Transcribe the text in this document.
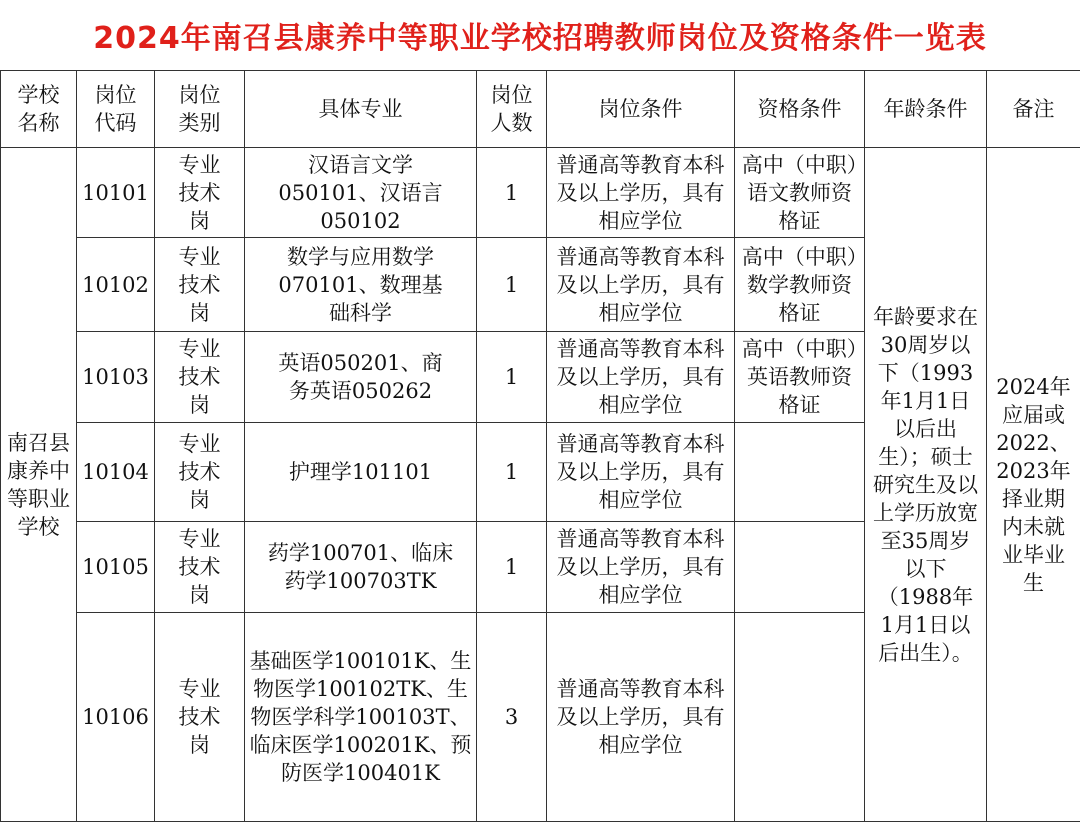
2024年南召县康养中等职业学校招聘教师岗位及资格条件一览表
学校名称	岗位代码	岗位类别	具体专业	岗位人数	岗位条件	资格条件	年龄条件	备注
南召县康养中等职业学校	10101	专业技术岗	汉语言文学050101、汉语言050102	1	普通高等教育本科及以上学历，具有相应学位	高中（中职）语文教师资格证	年龄要求在30周岁以下（1993年1月1日以后出生）；硕士研究生及以上学历放宽至35周岁以下（1988年1月1日以后出生）。	2024年应届或2022、2023年择业期内未就业毕业生
	10102	专业技术岗	数学与应用数学070101、数理基础科学	1	普通高等教育本科及以上学历，具有相应学位	高中（中职）数学教师资格证		
	10103	专业技术岗	英语050201、商务英语050262	1	普通高等教育本科及以上学历，具有相应学位	高中（中职）英语教师资格证		
	10104	专业技术岗	护理学101101	1	普通高等教育本科及以上学历，具有相应学位			
	10105	专业技术岗	药学100701、临床药学100703TK	1	普通高等教育本科及以上学历，具有相应学位			
	10106	专业技术岗	基础医学100101K、生物医学100102TK、生物医学科学100103T、临床医学100201K、预防医学100401K	3	普通高等教育本科及以上学历，具有相应学位			
